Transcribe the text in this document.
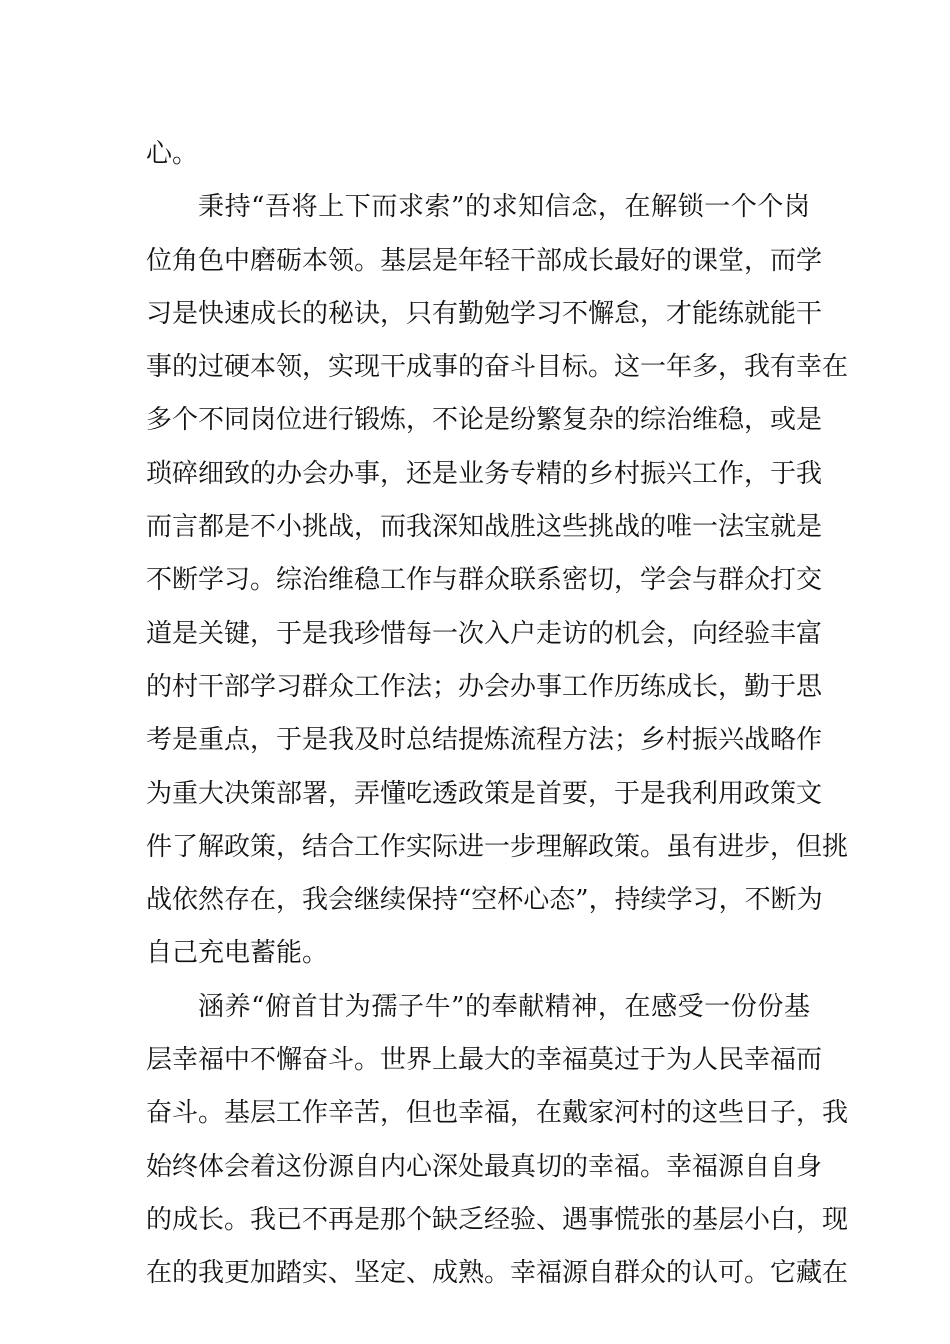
心。
秉持“吾将上下而求索”的求知信念，在解锁一个个岗
位角色中磨砺本领。基层是年轻干部成长最好的课堂，而学
习是快速成长的秘诀，只有勤勉学习不懈怠，才能练就能干
事的过硬本领，实现干成事的奋斗目标。这一年多，我有幸在
多个不同岗位进行锻炼，不论是纷繁复杂的综治维稳，或是
琐碎细致的办会办事，还是业务专精的乡村振兴工作，于我
而言都是不小挑战，而我深知战胜这些挑战的唯一法宝就是
不断学习。综治维稳工作与群众联系密切，学会与群众打交
道是关键，于是我珍惜每一次入户走访的机会，向经验丰富
的村干部学习群众工作法；办会办事工作历练成长，勤于思
考是重点，于是我及时总结提炼流程方法；乡村振兴战略作
为重大决策部署，弄懂吃透政策是首要，于是我利用政策文
件了解政策，结合工作实际进一步理解政策。虽有进步，但挑
战依然存在，我会继续保持“空杯心态”，持续学习，不断为
自己充电蓄能。
涵养“俯首甘为孺子牛”的奉献精神，在感受一份份基
层幸福中不懈奋斗。世界上最大的幸福莫过于为人民幸福而
奋斗。基层工作辛苦，但也幸福，在戴家河村的这些日子，我
始终体会着这份源自内心深处最真切的幸福。幸福源自自身
的成长。我已不再是那个缺乏经验、遇事慌张的基层小白，现
在的我更加踏实、坚定、成熟。幸福源自群众的认可。它藏在
